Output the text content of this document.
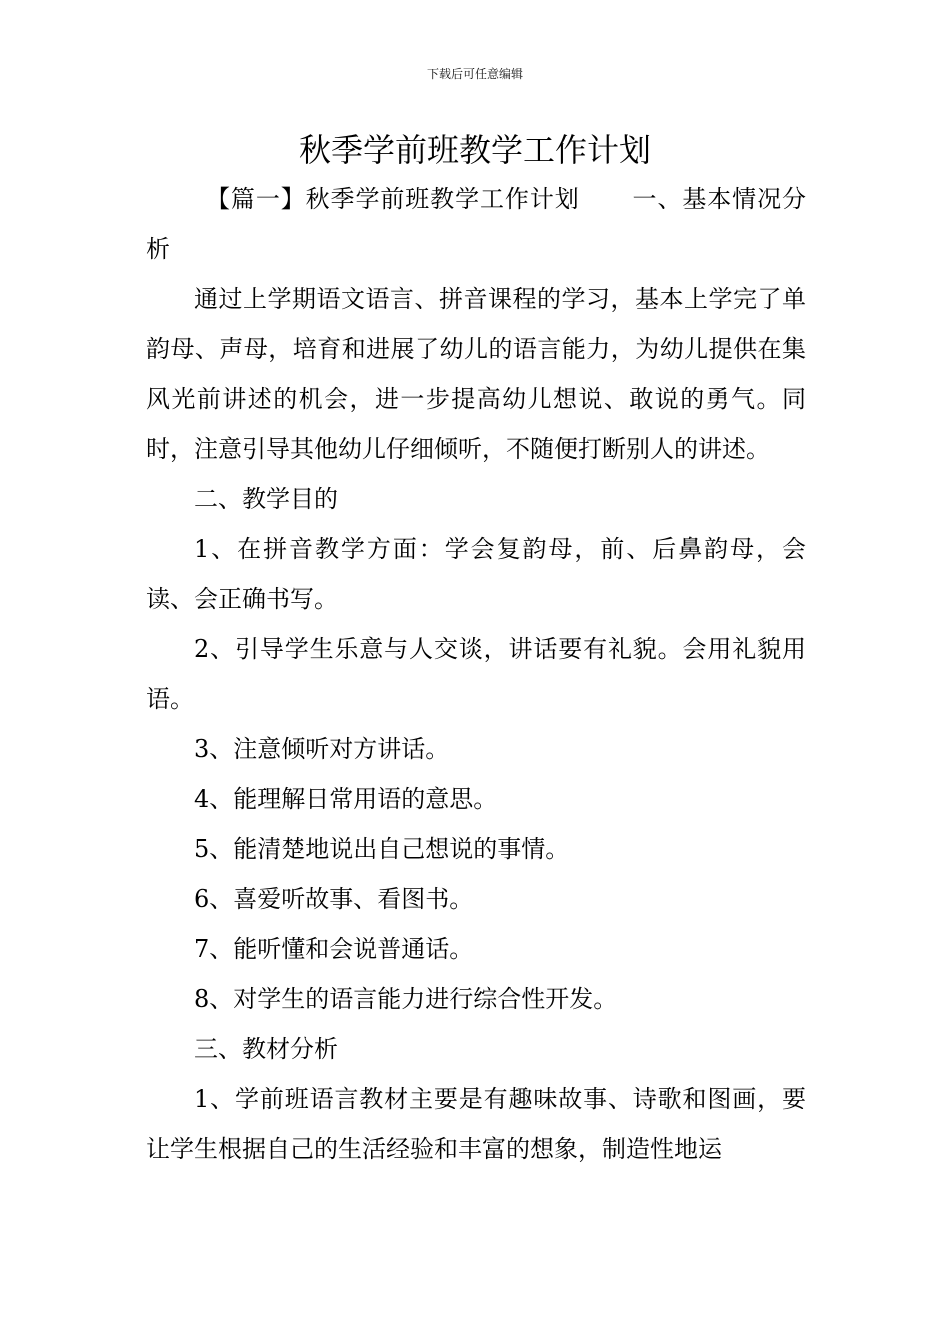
下载后可任意编辑
秋季学前班教学工作计划

【篇一】秋季学前班教学工作计划 一、基本情况分析

通过上学期语文语言、拼音课程的学习，基本上学完了单韵母、声母，培育和进展了幼儿的语言能力，为幼儿提供在集风光前讲述的机会，进一步提高幼儿想说、敢说的勇气。同时，注意引导其他幼儿仔细倾听，不随便打断别人的讲述。

二、教学目的

1、在拼音教学方面：学会复韵母，前、后鼻韵母，会读、会正确书写。

2、引导学生乐意与人交谈，讲话要有礼貌。会用礼貌用语。

3、注意倾听对方讲话。

4、能理解日常用语的意思。

5、能清楚地说出自己想说的事情。

6、喜爱听故事、看图书。

7、能听懂和会说普通话。

8、对学生的语言能力进行综合性开发。

三、教材分析

1、学前班语言教材主要是有趣味故事、诗歌和图画，要让学生根据自己的生活经验和丰富的想象，制造性地运
